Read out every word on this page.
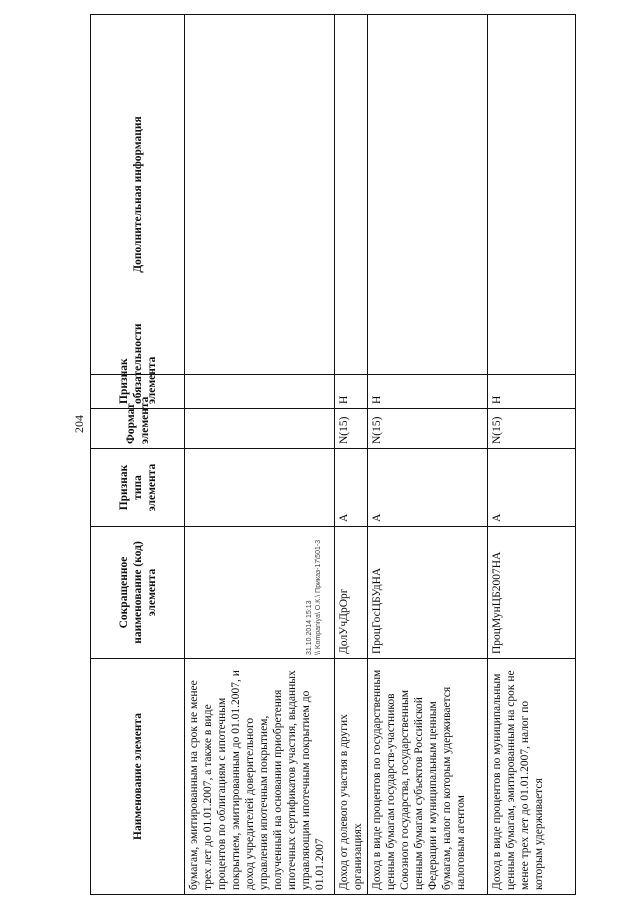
204
Наименование элемента	Сокращенное наименование (код) элемента	Признак типа элемента	Формат элемента	Признак обязательности элемента	Дополнительная информация
бумагам, эмитированным на срок не менее трех лет до 01.01.2007, а также в виде процентов по облигациям с ипотечным покрытием, эмитированным до 01.01.2007, и доход учредителей доверительного управления ипотечным покрытием, полученный на основании приобретения ипотечных сертификатов участия, выданных управляющим ипотечным покрытием до 01.01.2007					
Доход от долевого участия в других организациях	ДолУчДрОрг	А	N(15)	Н	
Доход в виде процентов по государственным ценным бумагам государств-участников Союзного государства, государственным ценным бумагам субъектов Российской Федерации и муниципальным ценным бумагам, налог по которым удерживается налоговым агентом	ПроцГосЦБУдНА	А	N(15)	Н	
Доход в виде процентов по муниципальным ценным бумагам, эмитированным на срок не менее трех лет до 01.01.2007, налог по которым удерживается	ПроцМунЦБ2007НА	А	N(15)	Н	
31.10.2014 15:13 \\ Kompaniya\ О.К.\ Приказ-17\501-3
